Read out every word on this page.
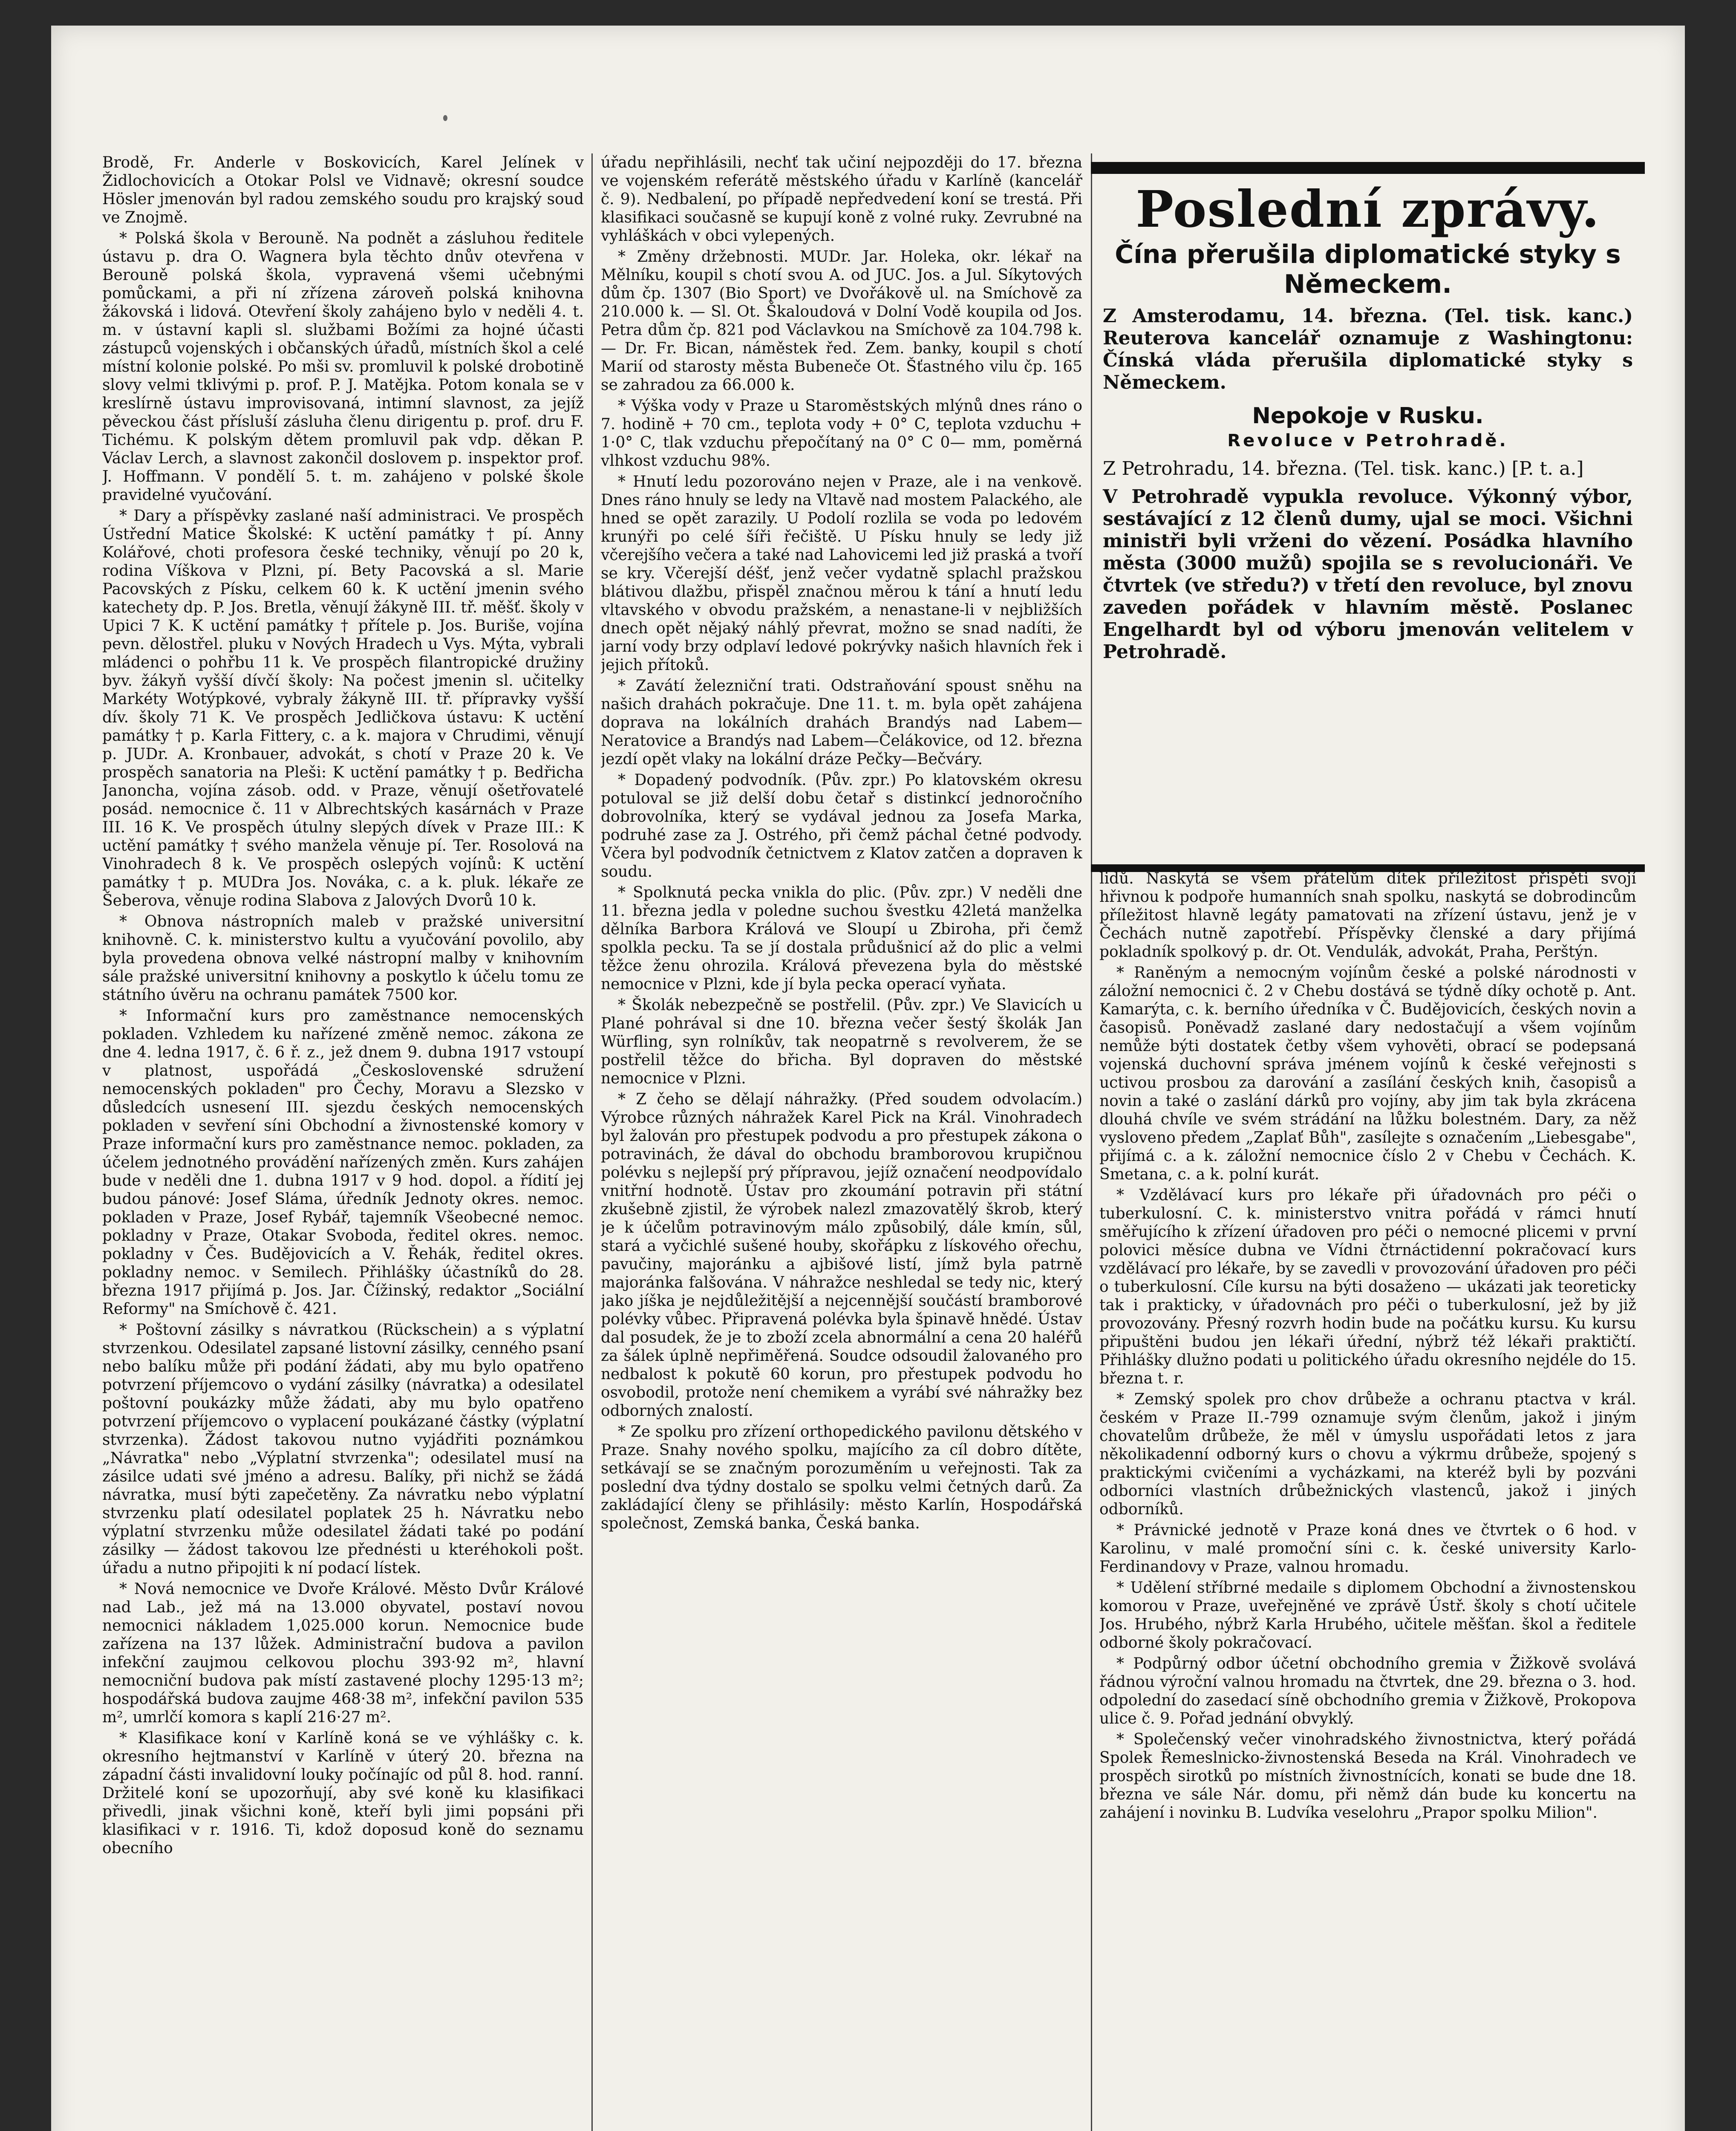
Brodě, Fr. Anderle v Boskovicích, Karel Jelínek v Židlochovicích a Otokar Polsl ve Vidnavě; okresní soudce Hösler jmenován byl radou zemského soudu pro krajský soud ve Znojmě.

* Polská škola v Berouně. Na podnět a zásluhou ředitele ústavu p. dra O. Wagnera byla těchto dnův otevřena v Berouně polská škola, vypravená všemi učebnými pomůckami, a při ní zřízena zároveň polská knihovna žákovská i lidová. Otevření školy zahájeno bylo v neděli 4. t. m. v ústavní kapli sl. službami Božími za hojné účasti zástupců vojenských i občanských úřadů, místních škol a celé místní kolonie polské. Po mši sv. promluvil k polské drobotině slovy velmi tklivými p. prof. P. J. Matějka. Potom konala se v kreslírně ústavu improvisovaná, intimní slavnost, za jejíž pěveckou část přísluší zásluha členu dirigentu p. prof. dru F. Tichému. K polským dětem promluvil pak vdp. děkan P. Václav Lerch, a slavnost zakončil doslovem p. inspektor prof. J. Hoffmann. V pondělí 5. t. m. zahájeno v polské škole pravidelné vyučování.

* Dary a příspěvky zaslané naší administraci. Ve prospěch Ústřední Matice Školské: K uctění památky † pí. Anny Kolářové, choti profesora české techniky, věnují po 20 k, rodina Víškova v Plzni, pí. Bety Pacovská a sl. Marie Pacovských z Písku, celkem 60 k. K uctění jmenin svého katechety dp. P. Jos. Bretla, věnují žákyně III. tř. měšť. školy v Upici 7 K. K uctění památky † přítele p. Jos. Buriše, vojína pevn. dělostřel. pluku v Nových Hradech u Vys. Mýta, vybrali mládenci o pohřbu 11 k. Ve prospěch filantropické družiny byv. žákyň vyšší dívčí školy: Na počest jmenin sl. učitelky Markéty Wotýpkové, vybraly žákyně III. tř. přípravky vyšší dív. školy 71 K. Ve prospěch Jedličkova ústavu: K uctění památky † p. Karla Fittery, c. a k. majora v Chrudimi, věnují p. JUDr. A. Kronbauer, advokát, s chotí v Praze 20 k. Ve prospěch sanatoria na Pleši: K uctění památky † p. Bedřicha Janoncha, vojína zásob. odd. v Praze, věnují ošetřovatelé posád. nemocnice č. 11 v Albrechtských kasárnách v Praze III. 16 K. Ve prospěch útulny slepých dívek v Praze III.: K uctění památky † svého manžela věnuje pí. Ter. Rosolová na Vinohradech 8 k. Ve prospěch oslepých vojínů: K uctění památky † p. MUDra Jos. Nováka, c. a k. pluk. lékaře ze Šeberova, věnuje rodina Slabova z Jalových Dvorů 10 k.

* Obnova nástropních maleb v pražské universitní knihovně. C. k. ministerstvo kultu a vyučování povolilo, aby byla provedena obnova velké nástropní malby v knihovním sále pražské universitní knihovny a poskytlo k účelu tomu ze státního úvěru na ochranu památek 7500 kor.

* Informační kurs pro zaměstnance nemocenských pokladen. Vzhledem ku nařízené změně nemoc. zákona ze dne 4. ledna 1917, č. 6 ř. z., jež dnem 9. dubna 1917 vstoupí v platnost, uspořádá „Československé sdružení nemocenských pokladen" pro Čechy, Moravu a Slezsko v důsledcích usnesení III. sjezdu českých nemocenských pokladen v sevření síni Obchodní a živnostenské komory v Praze informační kurs pro zaměstnance nemoc. pokladen, za účelem jednotného provádění nařízených změn. Kurs zahájen bude v neděli dne 1. dubna 1917 v 9 hod. dopol. a řídití jej budou pánové: Josef Sláma, úředník Jednoty okres. nemoc. pokladen v Praze, Josef Rybář, tajemník Všeobecné nemoc. pokladny v Praze, Otakar Svoboda, ředitel okres. nemoc. pokladny v Čes. Budějovicích a V. Řehák, ředitel okres. pokladny nemoc. v Semilech. Přihlášky účastníků do 28. března 1917 přijímá p. Jos. Jar. Čížinský, redaktor „Sociální Reformy" na Smíchově č. 421.

* Poštovní zásilky s návratkou (Rückschein) a s výplatní stvrzenkou. Odesilatel zapsané listovní zásilky, cenného psaní nebo balíku může při podání žádati, aby mu bylo opatřeno potvrzení příjemcovo o vydání zásilky (návratka) a odesilatel poštovní poukázky může žádati, aby mu bylo opatřeno potvrzení příjemcovo o vyplacení poukázané částky (výplatní stvrzenka). Žádost takovou nutno vyjádřiti poznámkou „Návratka" nebo „Výplatní stvrzenka"; odesilatel musí na zásilce udati své jméno a adresu. Balíky, při nichž se žádá návratka, musí býti zapečetěny. Za návratku nebo výplatní stvrzenku platí odesilatel poplatek 25 h. Návratku nebo výplatní stvrzenku může odesilatel žádati také po podání zásilky — žádost takovou lze přednésti u kteréhokoli pošt. úřadu a nutno připojiti k ní podací lístek.

* Nová nemocnice ve Dvoře Králové. Město Dvůr Králové nad Lab., jež má na 13.000 obyvatel, postaví novou nemocnici nákladem 1,025.000 korun. Nemocnice bude zařízena na 137 lůžek. Administrační budova a pavilon infekční zaujmou celkovou plochu 393·92 m², hlavní nemocniční budova pak místí zastavené plochy 1295·13 m²; hospodářská budova zaujme 468·38 m², infekční pavilon 535 m², umrlčí komora s kaplí 216·27 m².

* Klasifikace koní v Karlíně koná se ve výhlášky c. k. okresního hejtmanství v Karlíně v úterý 20. března na západní části invalidovní louky počínajíc od půl 8. hod. ranní. Držitelé koní se upozorňují, aby své koně ku klasifikaci přivedli, jinak všichni koně, kteří byli jimi popsáni při klasifikaci v r. 1916. Ti, kdož doposud koně do seznamu obecního

úřadu nepřihlásili, nechť tak učiní nejpozději do 17. března ve vojenském referátě městského úřadu v Karlíně (kancelář č. 9). Nedbalení, po případě nepředvedení koní se trestá. Při klasifikaci současně se kupují koně z volné ruky. Zevrubné na vyhláškách v obci vylepených.

* Změny držebnosti. MUDr. Jar. Holeka, okr. lékař na Mělníku, koupil s chotí svou A. od JUC. Jos. a Jul. Síkytových dům čp. 1307 (Bio Sport) ve Dvořákově ul. na Smíchově za 210.000 k. — Sl. Ot. Škaloudová v Dolní Vodě koupila od Jos. Petra dům čp. 821 pod Václavkou na Smíchově za 104.798 k. — Dr. Fr. Bican, náměstek řed. Zem. banky, koupil s chotí Marií od starosty města Bubeneče Ot. Šťastného vilu čp. 165 se zahradou za 66.000 k.

* Výška vody v Praze u Staroměstských mlýnů dnes ráno o 7. hodině + 70 cm., teplota vody + 0° C, teplota vzduchu + 1·0° C, tlak vzduchu přepočítaný na 0° C 0— mm, poměrná vlhkost vzduchu 98%.

* Hnutí ledu pozorováno nejen v Praze, ale i na venkově. Dnes ráno hnuly se ledy na Vltavě nad mostem Palackého, ale hned se opět zarazily. U Podolí rozlila se voda po ledovém krunýři po celé šíři řečiště. U Písku hnuly se ledy již včerejšího večera a také nad Lahovicemi led již praská a tvoří se kry. Včerejší déšť, jenž večer vydatně splachl pražskou blátivou dlažbu, přispěl značnou měrou k tání a hnutí ledu vltavského v obvodu pražském, a nenastane-li v nejbližších dnech opět nějaký náhlý převrat, možno se snad nadíti, že jarní vody brzy odplaví ledové pokrývky našich hlavních řek i jejich přítoků.

* Zavátí železniční trati. Odstraňování spoust sněhu na našich drahách pokračuje. Dne 11. t. m. byla opět zahájena doprava na lokálních drahách Brandýs nad Labem—Neratovice a Brandýs nad Labem—Čelákovice, od 12. března jezdí opět vlaky na lokální dráze Pečky—Bečváry.

* Dopadený podvodník. (Pův. zpr.) Po klatovském okresu potuloval se již delší dobu četař s distinkcí jednoročního dobrovolníka, který se vydával jednou za Josefa Marka, podruhé zase za J. Ostrého, při čemž páchal četné podvody. Včera byl podvodník četnictvem z Klatov zatčen a dopraven k soudu.

* Spolknutá pecka vnikla do plic. (Pův. zpr.) V neděli dne 11. března jedla v poledne suchou švestku 42letá manželka dělníka Barbora Králová ve Sloupí u Zbiroha, při čemž spolkla pecku. Ta se jí dostala průdušnicí až do plic a velmi těžce ženu ohrozila. Králová převezena byla do městské nemocnice v Plzni, kde jí byla pecka operací vyňata.

* Školák nebezpečně se postřelil. (Pův. zpr.) Ve Slavicích u Plané pohrával si dne 10. března večer šestý školák Jan Würfling, syn rolníkův, tak neopatrně s revolverem, že se postřelil těžce do břicha. Byl dopraven do městské nemocnice v Plzni.

* Z čeho se dělají náhražky. (Před soudem odvolacím.) Výrobce různých náhražek Karel Pick na Král. Vinohradech byl žalován pro přestupek podvodu a pro přestupek zákona o potravinách, že dával do obchodu bramborovou krupičnou polévku s nejlepší prý přípravou, jejíž označení neodpovídalo vnitřní hodnotě. Ústav pro zkoumání potravin při státní zkušebně zjistil, že výrobek nalezl zmazovatělý škrob, který je k účelům potravinovým málo způsobilý, dále kmín, sůl, stará a vyčichlé sušené houby, skořápku z lískového ořechu, pavučiny, majoránku a ajbišové listí, jímž byla patrně majoránka falšována. V náhražce neshledal se tedy nic, který jako jíška je nejdůležitější a nejcennější součástí bramborové polévky vůbec. Připravená polévka byla špinavě hnědé. Ústav dal posudek, že je to zboží zcela abnormální a cena 20 haléřů za šálek úplně nepřiměřená. Soudce odsoudil žalovaného pro nedbalost k pokutě 60 korun, pro přestupek podvodu ho osvobodil, protože není chemikem a vyrábí své náhražky bez odborných znalostí.

* Ze spolku pro zřízení orthopedického pavilonu dětského v Praze. Snahy nového spolku, majícího za cíl dobro dítěte, setkávají se se značným porozuměním u veřejnosti. Tak za poslední dva týdny dostalo se spolku velmi četných darů. Za zakládající členy se přihlásily: město Karlín, Hospodářská společnost, Zemská banka, Česká banka.

Poslední zprávy.
Čína přerušila diplomatické styky s Německem.
Z Amsterodamu, 14. března. (Tel. tisk. kanc.) Reuterova kancelář oznamuje z Washingtonu: Čínská vláda přerušila diplomatické styky s Německem.
Nepokoje v Rusku.
Revoluce v Petrohradě.
Z Petrohradu, 14. března. (Tel. tisk. kanc.) [P. t. a.]
V Petrohradě vypukla revoluce. Výkonný výbor, sestávající z 12 členů dumy, ujal se moci. Všichni ministři byli vrženi do vězení. Posádka hlavního města (3000 mužů) spojila se s revolucionáři. Ve čtvrtek (ve středu?) v třetí den revoluce, byl znovu zaveden pořádek v hlavním městě. Poslanec Engelhardt byl od výboru jmenován velitelem v Petrohradě.

lidů. Naskytá se všem přátelům dítek příležitost přispěti svojí hřivnou k podpoře humanních snah spolku, naskytá se dobrodincům příležitost hlavně legáty pamatovati na zřízení ústavu, jenž je v Čechách nutně zapotřebí. Příspěvky členské a dary přijímá pokladník spolkový p. dr. Ot. Vendulák, advokát, Praha, Perštýn.

* Raněným a nemocným vojínům české a polské národnosti v záložní nemocnici č. 2 v Chebu dostává se týdně díky ochotě p. Ant. Kamarýta, c. k. berního úředníka v Č. Budějovicích, českých novin a časopisů. Poněvadž zaslané dary nedostačují a všem vojínům nemůže býti dostatek četby všem vyhověti, obrací se podepsaná vojenská duchovní správa jménem vojínů k české veřejnosti s uctivou prosbou za darování a zasílání českých knih, časopisů a novin a také o zaslání dárků pro vojíny, aby jim tak byla zkrácena dlouhá chvíle ve svém strádání na lůžku bolestném. Dary, za něž vysloveno předem „Zaplať Bůh", zasílejte s označením „Liebesgabe", přijímá c. a k. záložní nemocnice číslo 2 v Chebu v Čechách. K. Smetana, c. a k. polní kurát.

* Vzdělávací kurs pro lékaře při úřadovnách pro péči o tuberkulosní. C. k. ministerstvo vnitra pořádá v rámci hnutí směřujícího k zřízení úřadoven pro péči o nemocné plicemi v první polovici měsíce dubna ve Vídni čtrnáctidenní pokračovací kurs vzdělávací pro lékaře, by se zavedli v provozování úřadoven pro péči o tuberkulosní. Cíle kursu na býti dosaženo — ukázati jak teoreticky tak i prakticky, v úřadovnách pro péči o tuberkulosní, jež by již provozovány. Přesný rozvrh hodin bude na počátku kursu. Ku kursu připuštěni budou jen lékaři úřední, nýbrž též lékaři praktičtí. Přihlášky dlužno podati u politického úřadu okresního nejdéle do 15. března t. r.

* Zemský spolek pro chov drůbeže a ochranu ptactva v král. českém v Praze II.-799 oznamuje svým členům, jakož i jiným chovatelům drůbeže, že měl v úmyslu uspořádati letos z jara několikadenní odborný kurs o chovu a výkrmu drůbeže, spojený s praktickými cvičeními a vycházkami, na kteréž byli by pozváni odborníci vlastních drůbežnických vlastenců, jakož i jiných odborníků.

* Právnické jednotě v Praze koná dnes ve čtvrtek o 6 hod. v Karolinu, v malé promoční síni c. k. české university Karlo-Ferdinandovy v Praze, valnou hromadu.

* Udělení stříbrné medaile s diplomem Obchodní a živnostenskou komorou v Praze, uveřejněné ve zprávě Ústř. školy s chotí učitele Jos. Hrubého, nýbrž Karla Hrubého, učitele měšťan. škol a ředitele odborné školy pokračovací.

* Podpůrný odbor účetní obchodního gremia v Žižkově svolává řádnou výroční valnou hromadu na čtvrtek, dne 29. března o 3. hod. odpolední do zasedací síně obchodního gremia v Žižkově, Prokopova ulice č. 9. Pořad jednání obvyklý.

* Společenský večer vinohradského živnostnictva, který pořádá Spolek Řemeslnicko-živnostenská Beseda na Král. Vinohradech ve prospěch sirotků po místních živnostnících, konati se bude dne 18. března ve sále Nár. domu, při němž dán bude ku koncertu na zahájení i novinku B. Ludvíka veselohru „Prapor spolku Milion".
